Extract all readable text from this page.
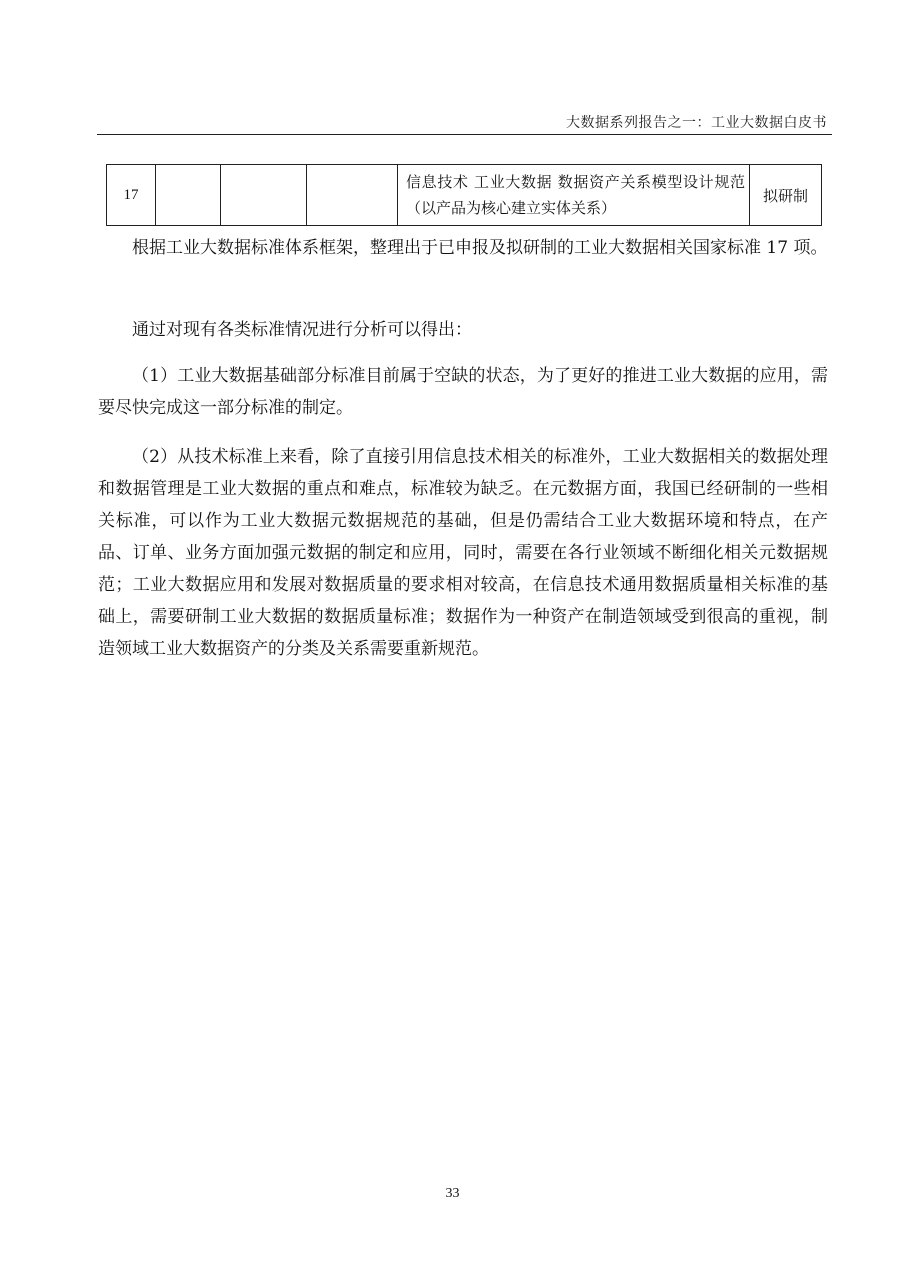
大数据系列报告之一：工业大数据白皮书
17				信息技术 工业大数据 数据资产关系模型设计规范（以产品为核心建立实体关系）	拟研制

根据工业大数据标准体系框架，整理出于已申报及拟研制的工业大数据相关国家标准 17 项。

通过对现有各类标准情况进行分析可以得出：

（1）工业大数据基础部分标准目前属于空缺的状态，为了更好的推进工业大数据的应用，需要尽快完成这一部分标准的制定。

（2）从技术标准上来看，除了直接引用信息技术相关的标准外，工业大数据相关的数据处理和数据管理是工业大数据的重点和难点，标准较为缺乏。在元数据方面，我国已经研制的一些相关标准，可以作为工业大数据元数据规范的基础，但是仍需结合工业大数据环境和特点，在产品、订单、业务方面加强元数据的制定和应用，同时，需要在各行业领域不断细化相关元数据规范；工业大数据应用和发展对数据质量的要求相对较高，在信息技术通用数据质量相关标准的基础上，需要研制工业大数据的数据质量标准；数据作为一种资产在制造领域受到很高的重视，制造领域工业大数据资产的分类及关系需要重新规范。

33
